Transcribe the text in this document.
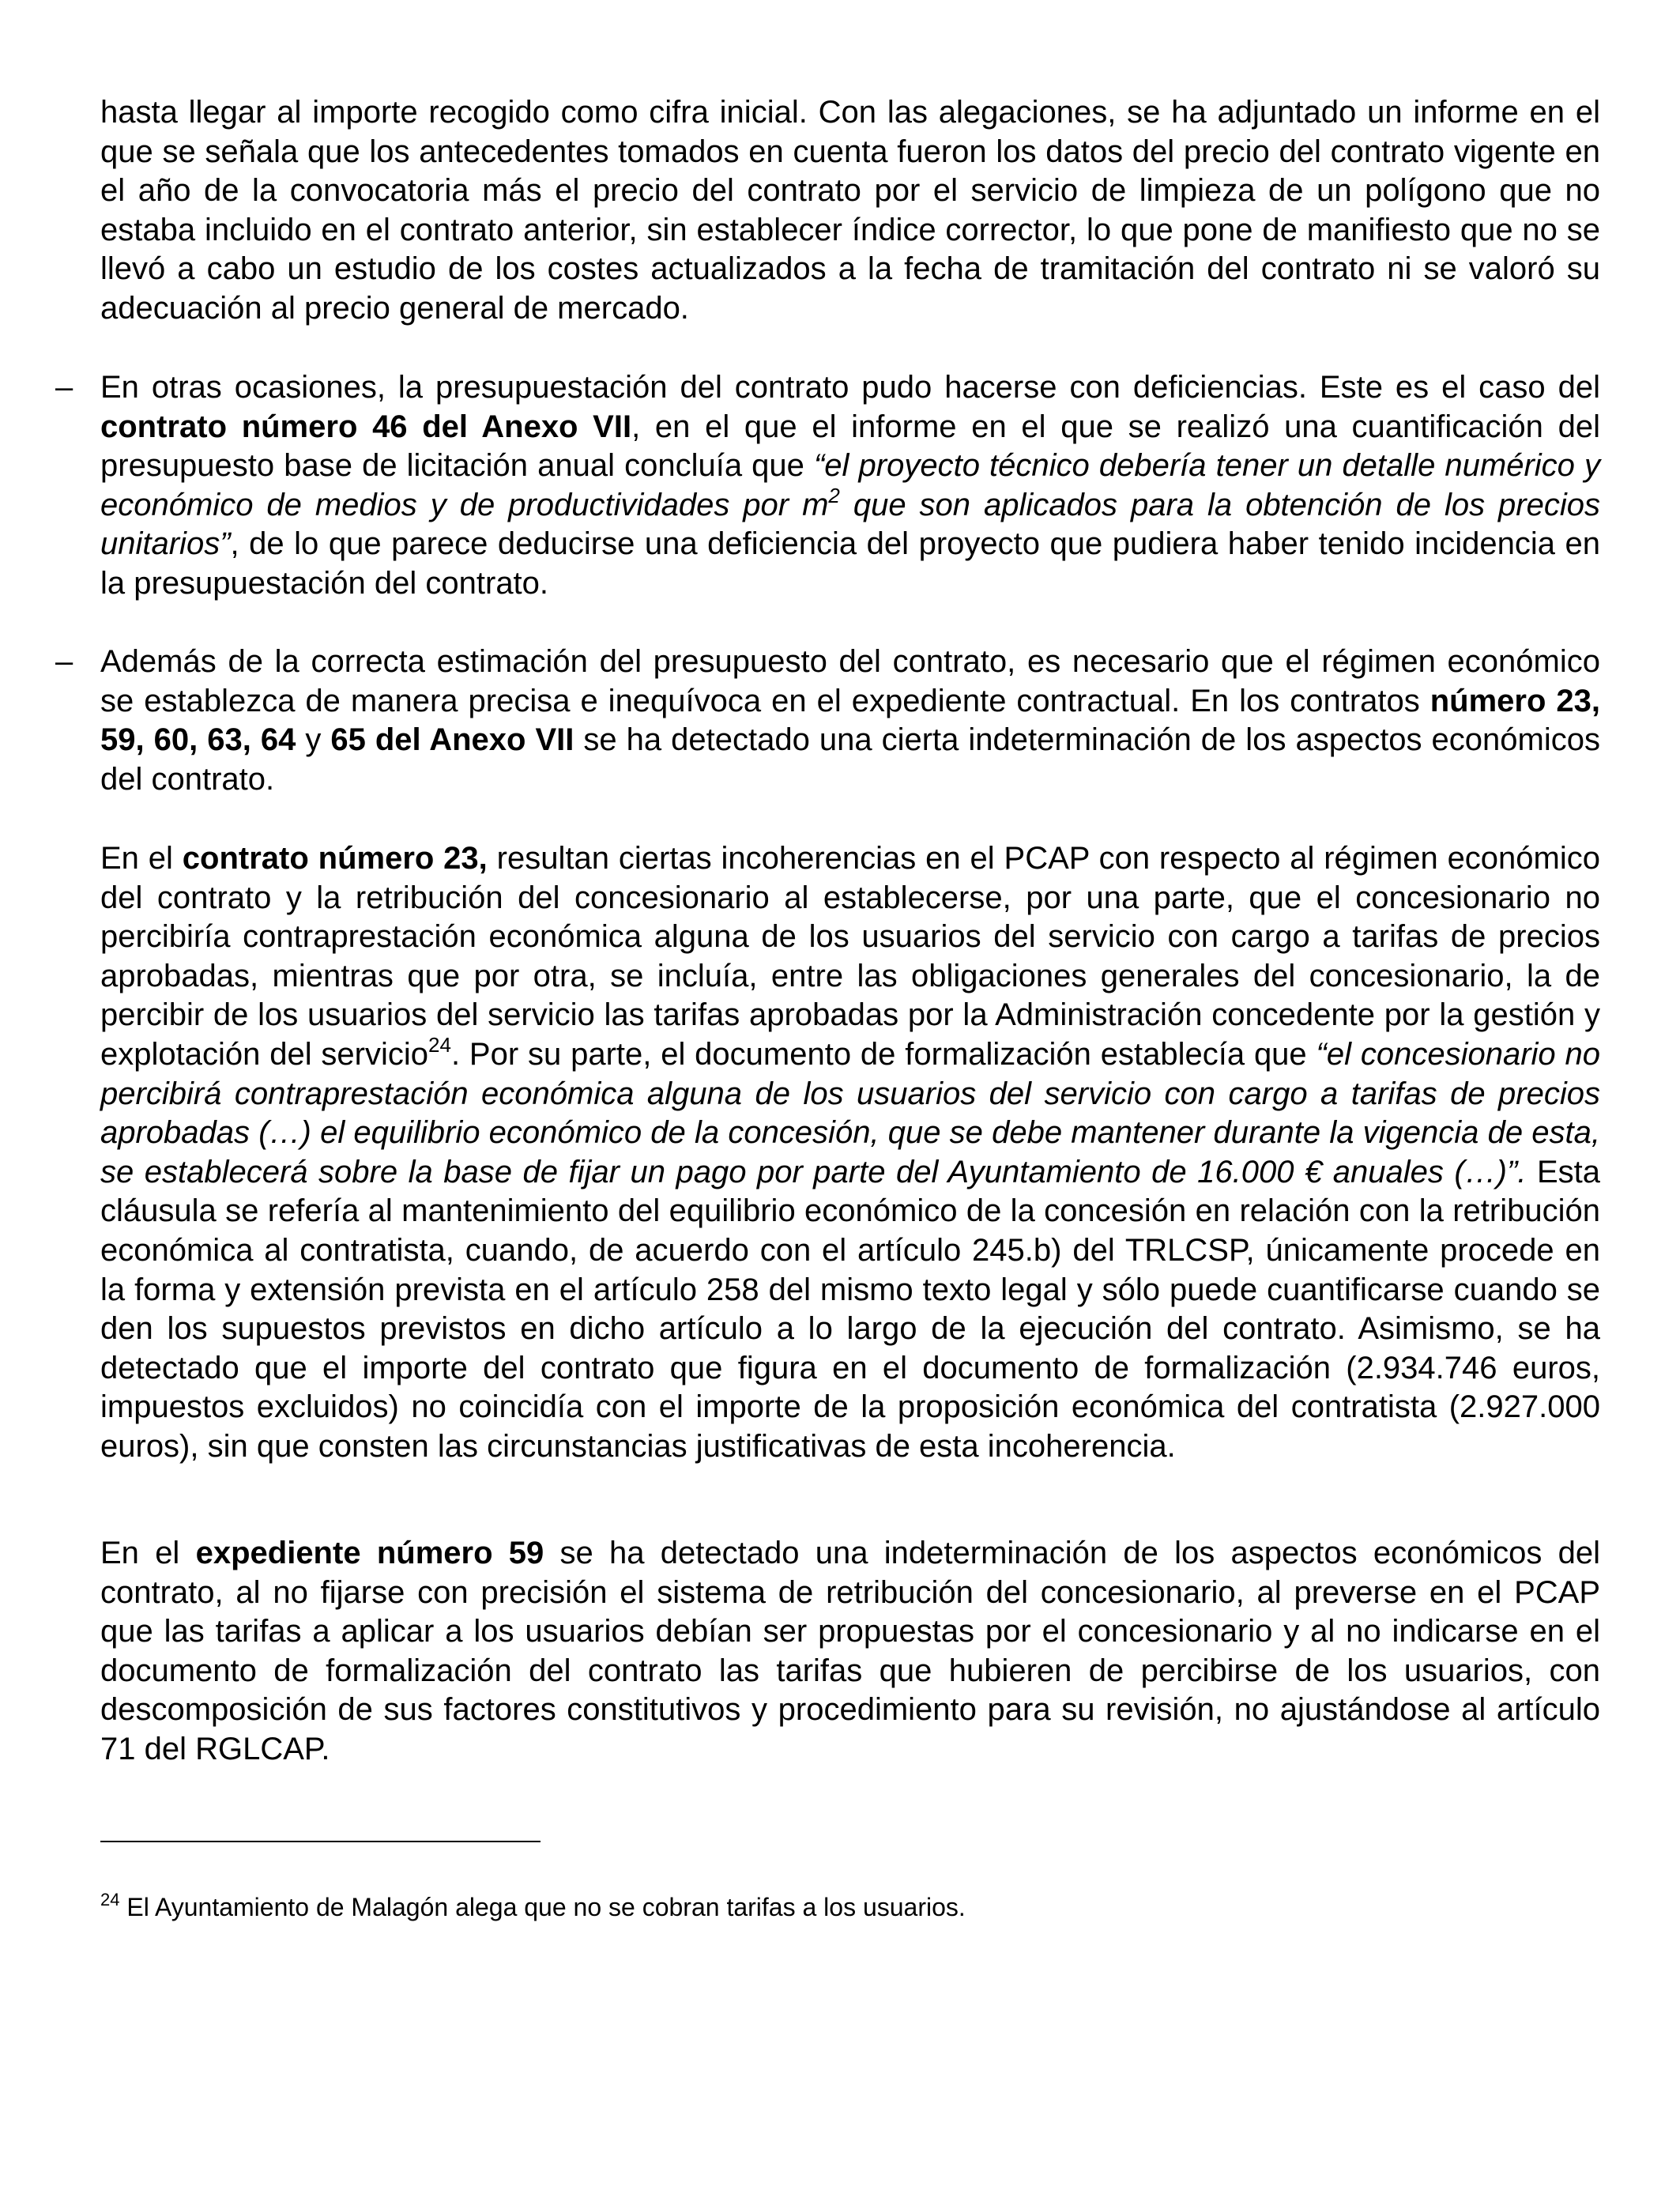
hasta llegar al importe recogido como cifra inicial. Con las alegaciones, se ha adjuntado un informe en el que se señala que los antecedentes tomados en cuenta fueron los datos del precio del contrato vigente en el año de la convocatoria más el precio del contrato por el servicio de limpieza de un polígono que no estaba incluido en el contrato anterior, sin establecer índice corrector, lo que pone de manifiesto que no se llevó a cabo un estudio de los costes actualizados a la fecha de tramitación del contrato ni se valoró su adecuación al precio general de mercado.

– En otras ocasiones, la presupuestación del contrato pudo hacerse con deficiencias. Este es el caso del contrato número 46 del Anexo VII, en el que el informe en el que se realizó una cuantificación del presupuesto base de licitación anual concluía que “el proyecto técnico debería tener un detalle numérico y económico de medios y de productividades por $m^2$ que son aplicados para la obtención de los precios unitarios”, de lo que parece deducirse una deficiencia del proyecto que pudiera haber tenido incidencia en la presupuestación del contrato.

– Además de la correcta estimación del presupuesto del contrato, es necesario que el régimen económico se establezca de manera precisa e inequívoca en el expediente contractual. En los contratos número 23, 59, 60, 63, 64 y 65 del Anexo VII se ha detectado una cierta indeterminación de los aspectos económicos del contrato.

En el contrato número 23, resultan ciertas incoherencias en el PCAP con respecto al régimen económico del contrato y la retribución del concesionario al establecerse, por una parte, que el concesionario no percibiría contraprestación económica alguna de los usuarios del servicio con cargo a tarifas de precios aprobadas, mientras que por otra, se incluía, entre las obligaciones generales del concesionario, la de percibir de los usuarios del servicio las tarifas aprobadas por la Administración concedente por la gestión y explotación del servicio$^{24}$. Por su parte, el documento de formalización establecía que “el concesionario no percibirá contraprestación económica alguna de los usuarios del servicio con cargo a tarifas de precios aprobadas (…) el equilibrio económico de la concesión, que se debe mantener durante la vigencia de esta, se establecerá sobre la base de fijar un pago por parte del Ayuntamiento de 16.000 € anuales (…)”. Esta cláusula se refería al mantenimiento del equilibrio económico de la concesión en relación con la retribución económica al contratista, cuando, de acuerdo con el artículo 245.b) del TRLCSP, únicamente procede en la forma y extensión prevista en el artículo 258 del mismo texto legal y sólo puede cuantificarse cuando se den los supuestos previstos en dicho artículo a lo largo de la ejecución del contrato. Asimismo, se ha detectado que el importe del contrato que figura en el documento de formalización (2.934.746 euros, impuestos excluidos) no coincidía con el importe de la proposición económica del contratista (2.927.000 euros), sin que consten las circunstancias justificativas de esta incoherencia.

En el expediente número 59 se ha detectado una indeterminación de los aspectos económicos del contrato, al no fijarse con precisión el sistema de retribución del concesionario, al preverse en el PCAP que las tarifas a aplicar a los usuarios debían ser propuestas por el concesionario y al no indicarse en el documento de formalización del contrato las tarifas que hubieren de percibirse de los usuarios, con descomposición de sus factores constitutivos y procedimiento para su revisión, no ajustándose al artículo 71 del RGLCAP.

$^{24}$ El Ayuntamiento de Malagón alega que no se cobran tarifas a los usuarios.
